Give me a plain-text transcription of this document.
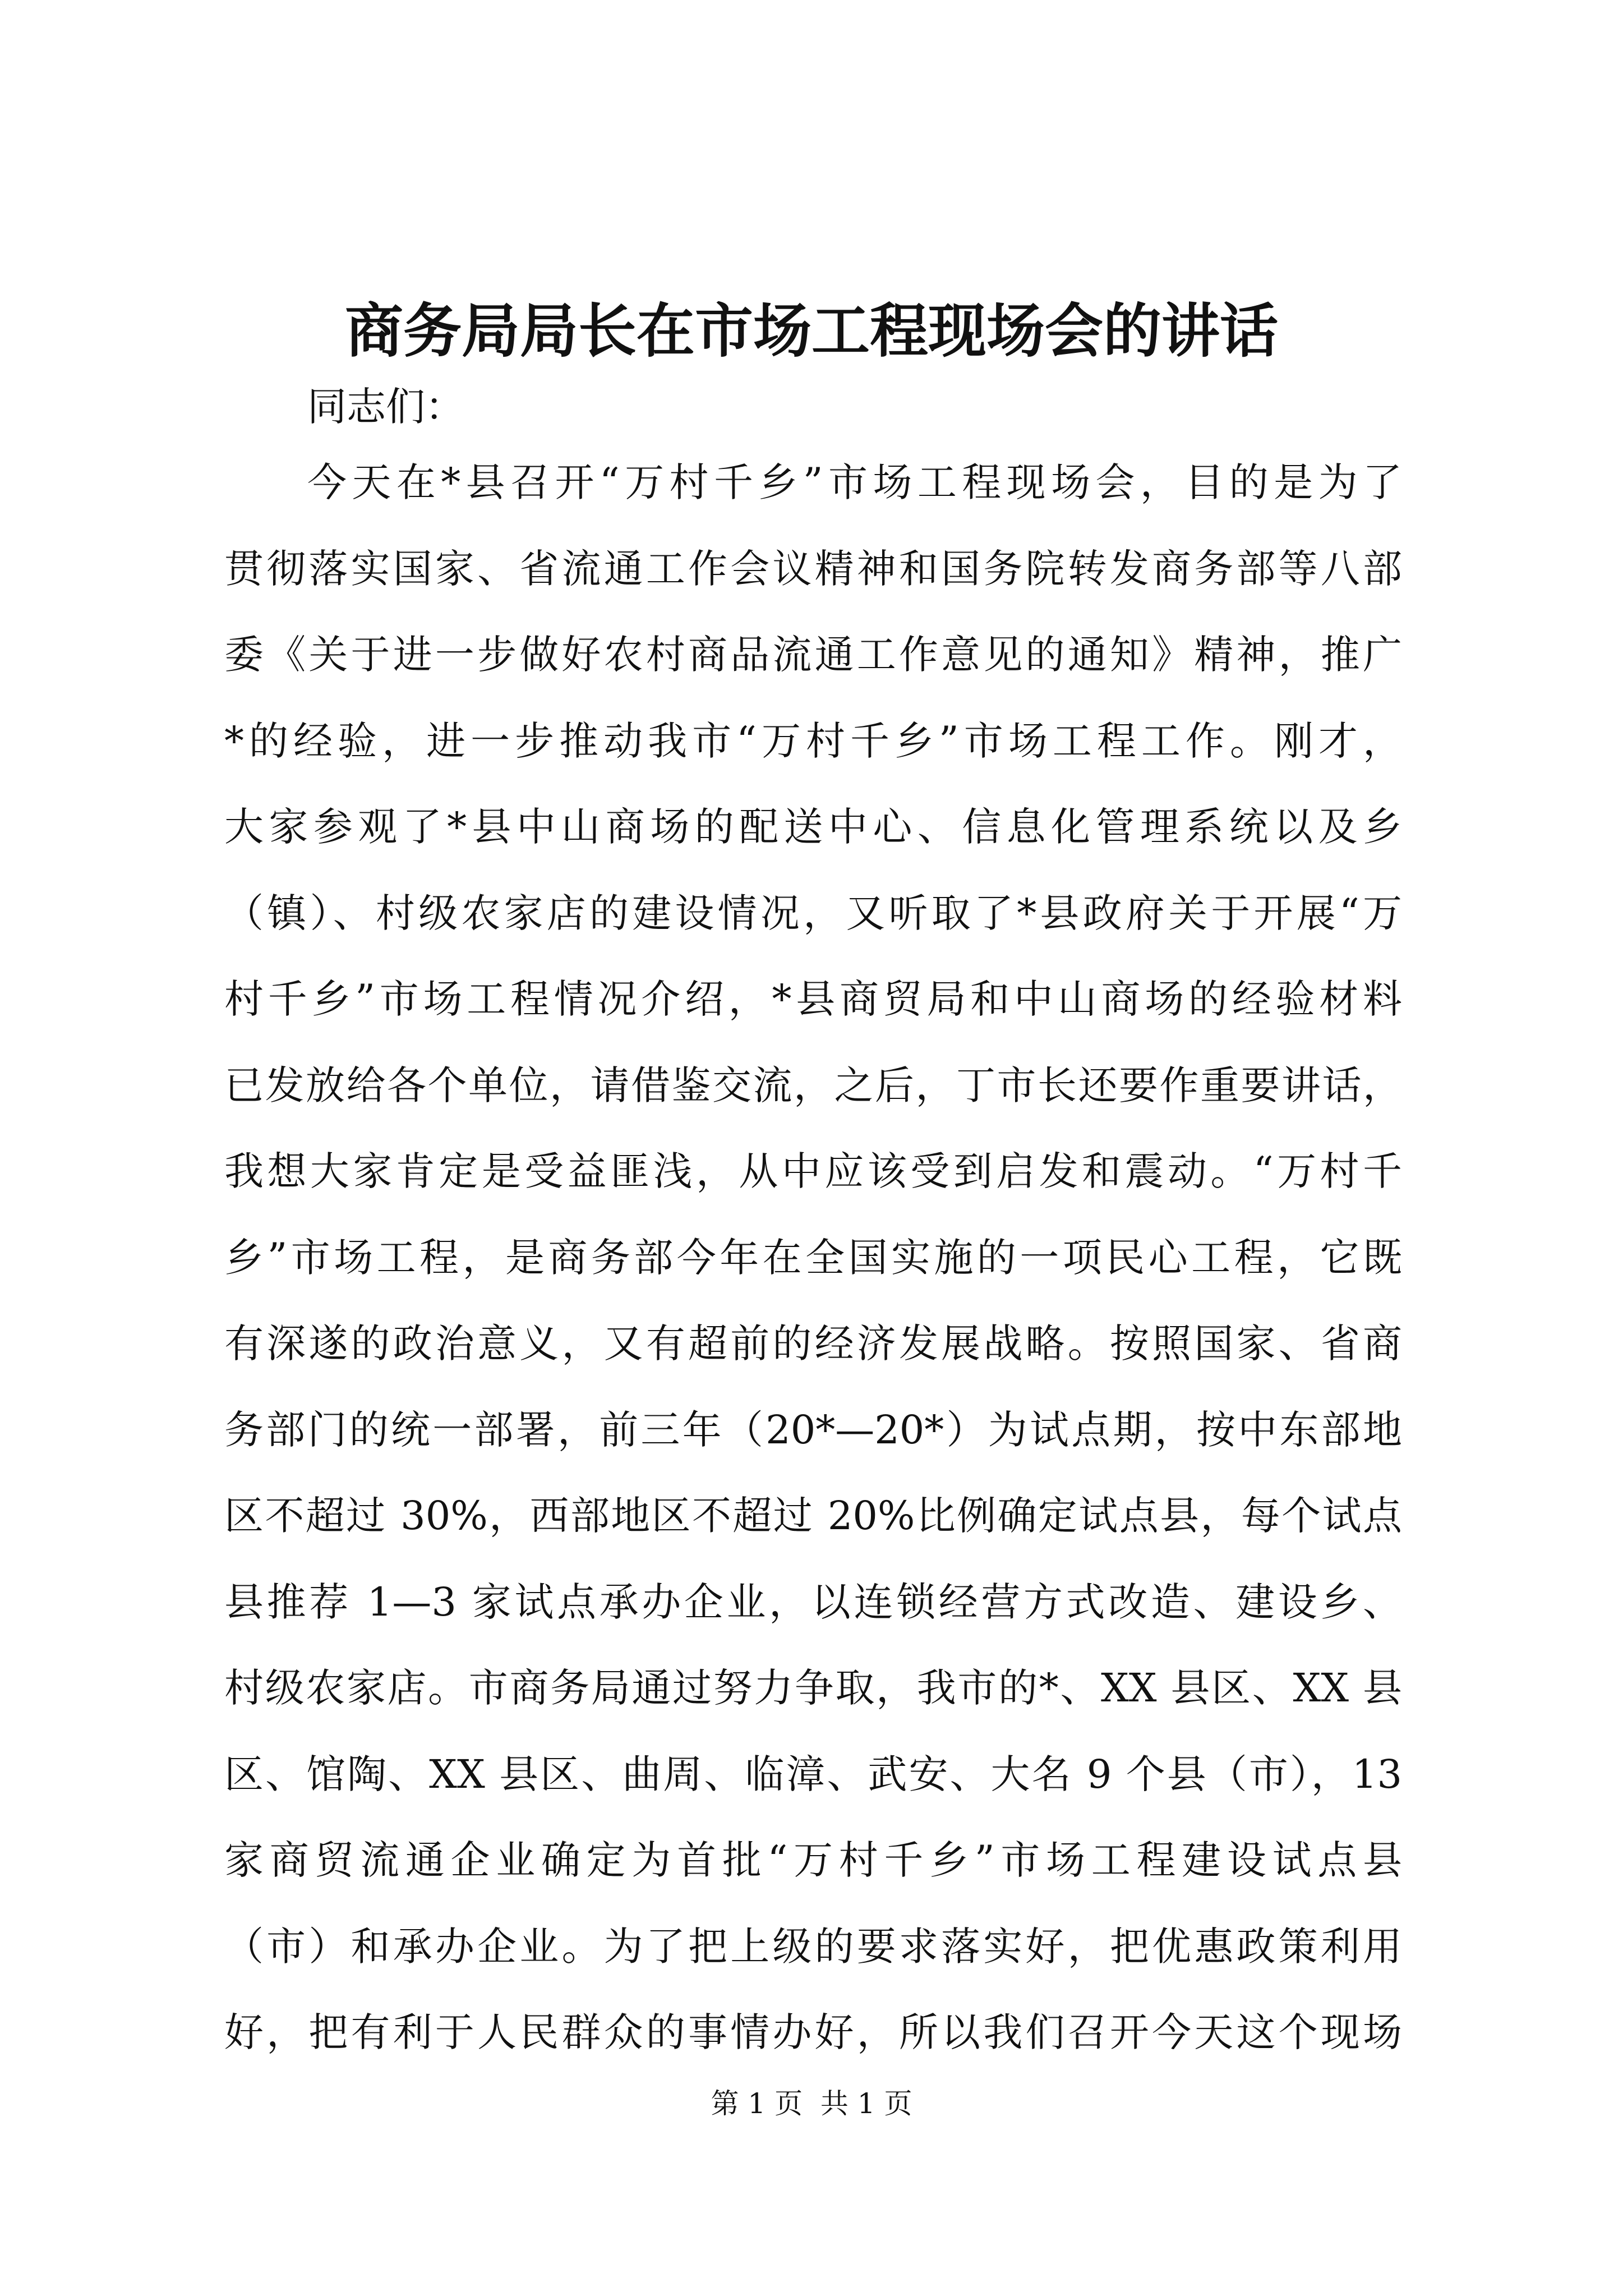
商务局局长在市场工程现场会的讲话
同志们：
今天在*县召开“万村千乡”市场工程现场会，目的是为了
贯彻落实国家、省流通工作会议精神和国务院转发商务部等八部
委《关于进一步做好农村商品流通工作意见的通知》精神，推广
*的经验，进一步推动我市“万村千乡”市场工程工作。刚才，
大家参观了*县中山商场的配送中心、信息化管理系统以及乡
（镇）、村级农家店的建设情况，又听取了*县政府关于开展“万
村千乡”市场工程情况介绍，*县商贸局和中山商场的经验材料
已发放给各个单位，请借鉴交流，之后，丁市长还要作重要讲话，
我想大家肯定是受益匪浅，从中应该受到启发和震动。“万村千
乡”市场工程，是商务部今年在全国实施的一项民心工程，它既
有深遂的政治意义，又有超前的经济发展战略。按照国家、省商
务部门的统一部署，前三年（20*—20*）为试点期，按中东部地
区不超过 30%，西部地区不超过 20%比例确定试点县，每个试点
县推荐 1—3 家试点承办企业，以连锁经营方式改造、建设乡、
村级农家店。市商务局通过努力争取，我市的*、XX 县区、XX 县
区、馆陶、XX 县区、曲周、临漳、武安、大名 9 个县（市），13
家商贸流通企业确定为首批“万村千乡”市场工程建设试点县
（市）和承办企业。为了把上级的要求落实好，把优惠政策利用
好，把有利于人民群众的事情办好，所以我们召开今天这个现场
第 1 页  共 1 页
